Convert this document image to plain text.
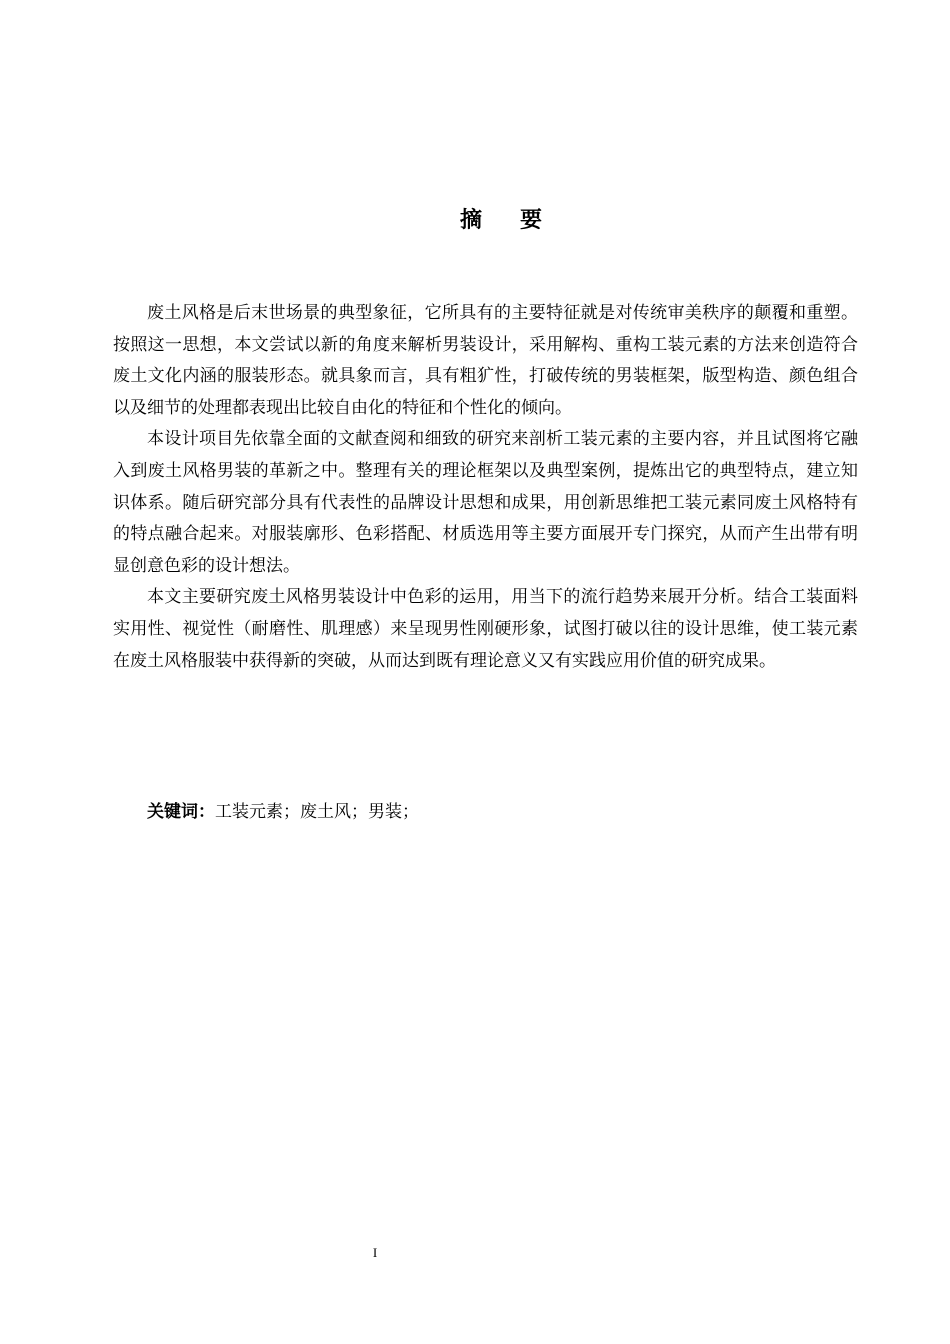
摘要

废土风格是后末世场景的典型象征，它所具有的主要特征就是对传统审美秩序的颠覆和重塑。按照这一思想，本文尝试以新的角度来解析男装设计，采用解构、重构工装元素的方法来创造符合废土文化内涵的服装形态。就具象而言，具有粗犷性，打破传统的男装框架，版型构造、颜色组合以及细节的处理都表现出比较自由化的特征和个性化的倾向。

本设计项目先依靠全面的文献查阅和细致的研究来剖析工装元素的主要内容，并且试图将它融入到废土风格男装的革新之中。整理有关的理论框架以及典型案例，提炼出它的典型特点，建立知识体系。随后研究部分具有代表性的品牌设计思想和成果，用创新思维把工装元素同废土风格特有的特点融合起来。对服装廓形、色彩搭配、材质选用等主要方面展开专门探究，从而产生出带有明显创意色彩的设计想法。

本文主要研究废土风格男装设计中色彩的运用，用当下的流行趋势来展开分析。结合工装面料实用性、视觉性（耐磨性、肌理感）来呈现男性刚硬形象，试图打破以往的设计思维，使工装元素在废土风格服装中获得新的突破，从而达到既有理论意义又有实践应用价值的研究成果。

关键词：工装元素；废土风；男装；

I
